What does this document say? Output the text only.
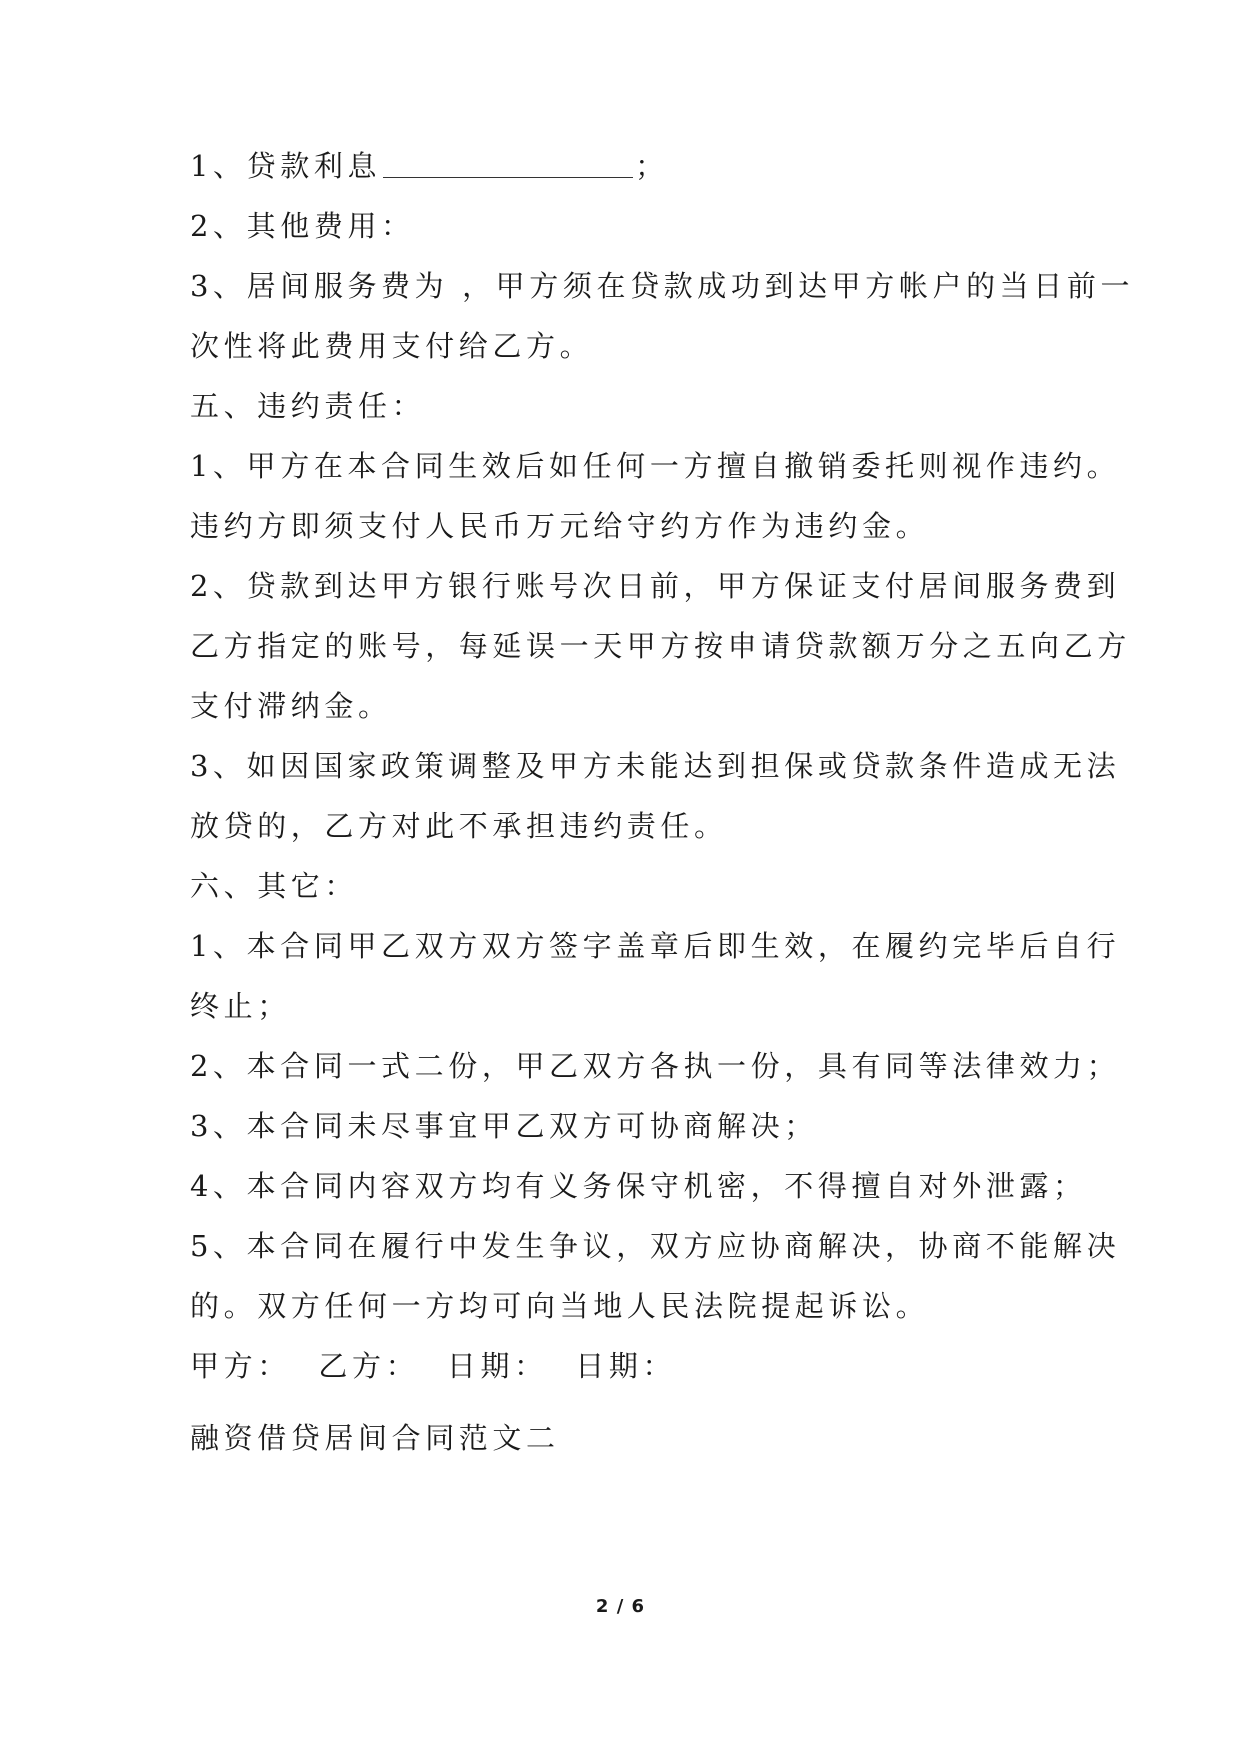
1、贷款利息	；
2、其他费用：
3、居间服务费为 ，甲方须在贷款成功到达甲方帐户的当日前一
次性将此费用支付给乙方。
五、违约责任：
1、甲方在本合同生效后如任何一方擅自撤销委托则视作违约。
违约方即须支付人民币万元给守约方作为违约金。
2、贷款到达甲方银行账号次日前，甲方保证支付居间服务费到
乙方指定的账号，每延误一天甲方按申请贷款额万分之五向乙方
支付滞纳金。
3、如因国家政策调整及甲方未能达到担保或贷款条件造成无法
放贷的，乙方对此不承担违约责任。
六、其它：
1、本合同甲乙双方双方签字盖章后即生效，在履约完毕后自行
终止；
2、本合同一式二份，甲乙双方各执一份，具有同等法律效力；
3、本合同未尽事宜甲乙双方可协商解决；
4、本合同内容双方均有义务保守机密，不得擅自对外泄露；
5、本合同在履行中发生争议，双方应协商解决，协商不能解决
的。双方任何一方均可向当地人民法院提起诉讼。
甲方：  乙方：  日期：  日期：
融资借贷居间合同范文二
2 / 6
